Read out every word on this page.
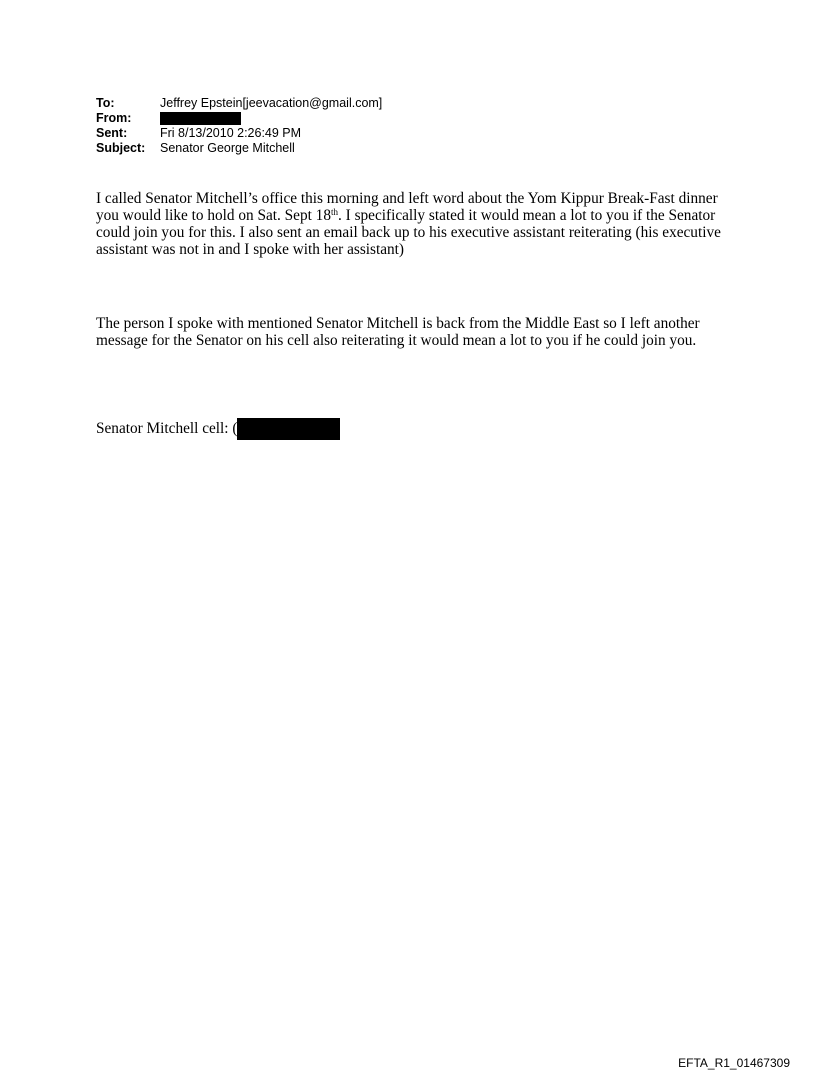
To:	Jeffrey Epstein[jeevacation@gmail.com]
From:
Sent:	Fri 8/13/2010 2:26:49 PM
Subject:	Senator George Mitchell
I called Senator Mitchell’s office this morning and left word about the Yom Kippur Break-Fast dinner you would like to hold on Sat. Sept 18th. I specifically stated it would mean a lot to you if the Senator could join you for this. I also sent an email back up to his executive assistant reiterating (his executive assistant was not in and I spoke with her assistant)
The person I spoke with mentioned Senator Mitchell is back from the Middle East so I left another message for the Senator on his cell also reiterating it would mean a lot to you if he could join you.
Senator Mitchell cell: (
EFTA_R1_01467309
